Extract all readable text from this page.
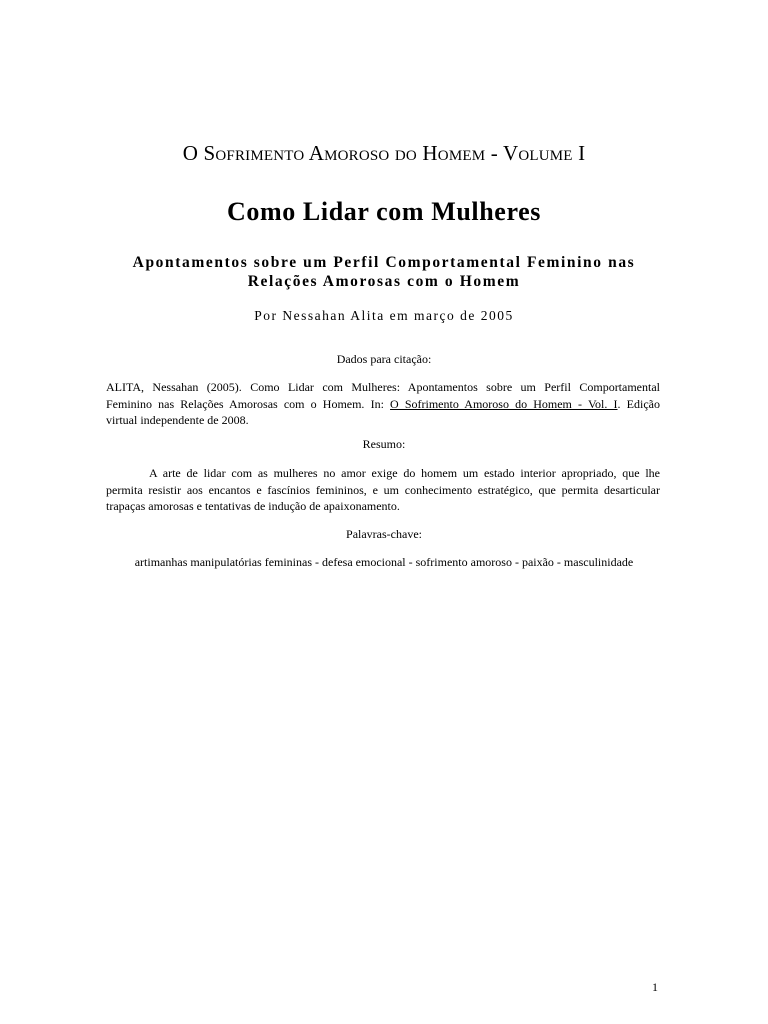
O Sofrimento Amoroso do Homem - Volume I
Como Lidar com Mulheres
Apontamentos sobre um Perfil Comportamental Feminino nas
Relações Amorosas com o Homem
Por Nessahan Alita em março de 2005
Dados para citação:
ALITA, Nessahan (2005). Como Lidar com Mulheres: Apontamentos sobre um Perfil Comportamental
Feminino nas Relações Amorosas com o Homem. In: O Sofrimento Amoroso do Homem - Vol. I. Edição
virtual independente de 2008.
Resumo:
A arte de lidar com as mulheres no amor exige do homem um estado interior apropriado, que lhe
permita resistir aos encantos e fascínios femininos, e um conhecimento estratégico, que permita desarticular
trapaças amorosas e tentativas de indução de apaixonamento.
Palavras-chave:
artimanhas manipulatórias femininas - defesa emocional - sofrimento amoroso - paixão - masculinidade
1
